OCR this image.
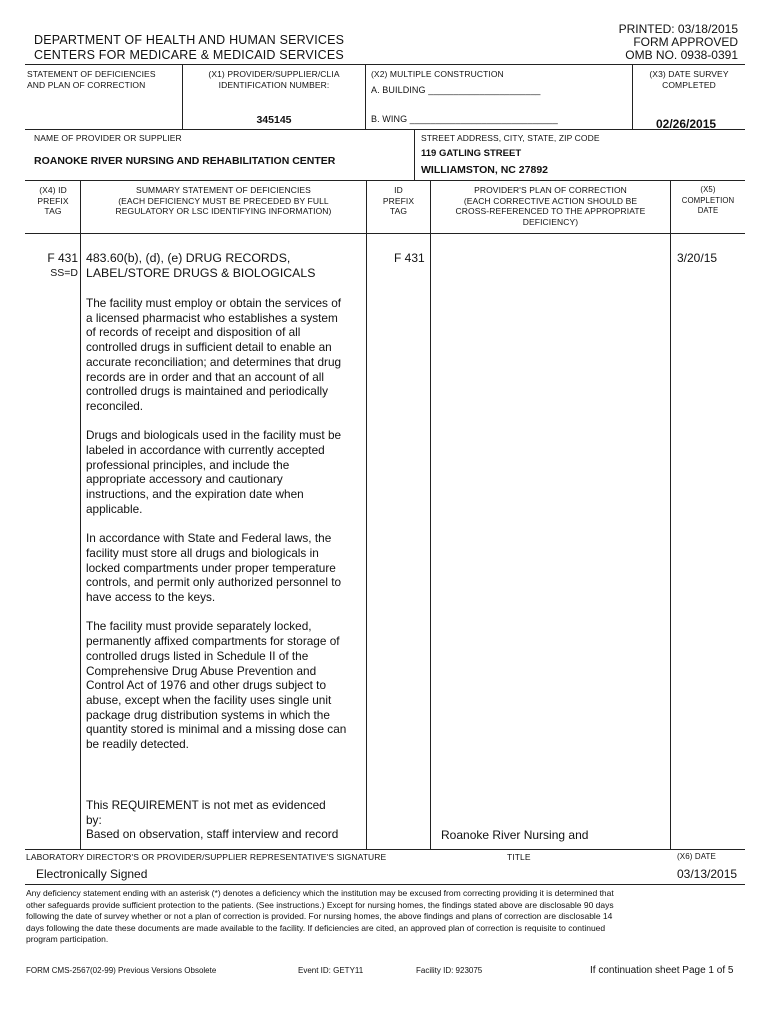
PRINTED: 03/18/2015
FORM APPROVED
OMB NO. 0938-0391
DEPARTMENT OF HEALTH AND HUMAN SERVICES
CENTERS FOR MEDICARE & MEDICAID SERVICES
STATEMENT OF DEFICIENCIES
AND PLAN OF CORRECTION
(X1) PROVIDER/SUPPLIER/CLIA
IDENTIFICATION NUMBER:
345145
(X2) MULTIPLE CONSTRUCTION
A. BUILDING ______________________
B. WING _____________________________
(X3) DATE SURVEY
COMPLETED
02/26/2015
NAME OF PROVIDER OR SUPPLIER
ROANOKE RIVER NURSING AND REHABILITATION CENTER
STREET ADDRESS, CITY, STATE, ZIP CODE
119 GATLING STREET
WILLIAMSTON, NC 27892
(X4) ID
PREFIX
TAG
SUMMARY STATEMENT OF DEFICIENCIES
(EACH DEFICIENCY MUST BE PRECEDED BY FULL
REGULATORY OR LSC IDENTIFYING INFORMATION)
ID
PREFIX
TAG
PROVIDER'S PLAN OF CORRECTION
(EACH CORRECTIVE ACTION SHOULD BE
CROSS-REFERENCED TO THE APPROPRIATE
DEFICIENCY)
(X5)
COMPLETION
DATE
F 431
SS=D
483.60(b), (d), (e) DRUG RECORDS,
LABEL/STORE DRUGS & BIOLOGICALS
F 431	3/20/15
The facility must employ or obtain the services of
a licensed pharmacist who establishes a system
of records of receipt and disposition of all
controlled drugs in sufficient detail to enable an
accurate reconciliation; and determines that drug
records are in order and that an account of all
controlled drugs is maintained and periodically
reconciled.
Drugs and biologicals used in the facility must be
labeled in accordance with currently accepted
professional principles, and include the
appropriate accessory and cautionary
instructions, and the expiration date when
applicable.
In accordance with State and Federal laws, the
facility must store all drugs and biologicals in
locked compartments under proper temperature
controls, and permit only authorized personnel to
have access to the keys.
The facility must provide separately locked,
permanently affixed compartments for storage of
controlled drugs listed in Schedule II of the
Comprehensive Drug Abuse Prevention and
Control Act of 1976 and other drugs subject to
abuse, except when the facility uses single unit
package drug distribution systems in which the
quantity stored is minimal and a missing dose can
be readily detected.
This REQUIREMENT is not met as evidenced
by:
Based on observation, staff interview and record	Roanoke River Nursing and
LABORATORY DIRECTOR'S OR PROVIDER/SUPPLIER REPRESENTATIVE'S SIGNATURE
Electronically Signed
TITLE	(X6) DATE
03/13/2015
Any deficiency statement ending with an asterisk (*) denotes a deficiency which the institution may be excused from correcting providing it is determined that
other safeguards provide sufficient protection to the patients. (See instructions.) Except for nursing homes, the findings stated above are disclosable 90 days
following the date of survey whether or not a plan of correction is provided. For nursing homes, the above findings and plans of correction are disclosable 14
days following the date these documents are made available to the facility. If deficiencies are cited, an approved plan of correction is requisite to continued
program participation.
FORM CMS-2567(02-99) Previous Versions Obsolete	Event ID: GETY11	Facility ID: 923075	If continuation sheet Page 1 of 5
